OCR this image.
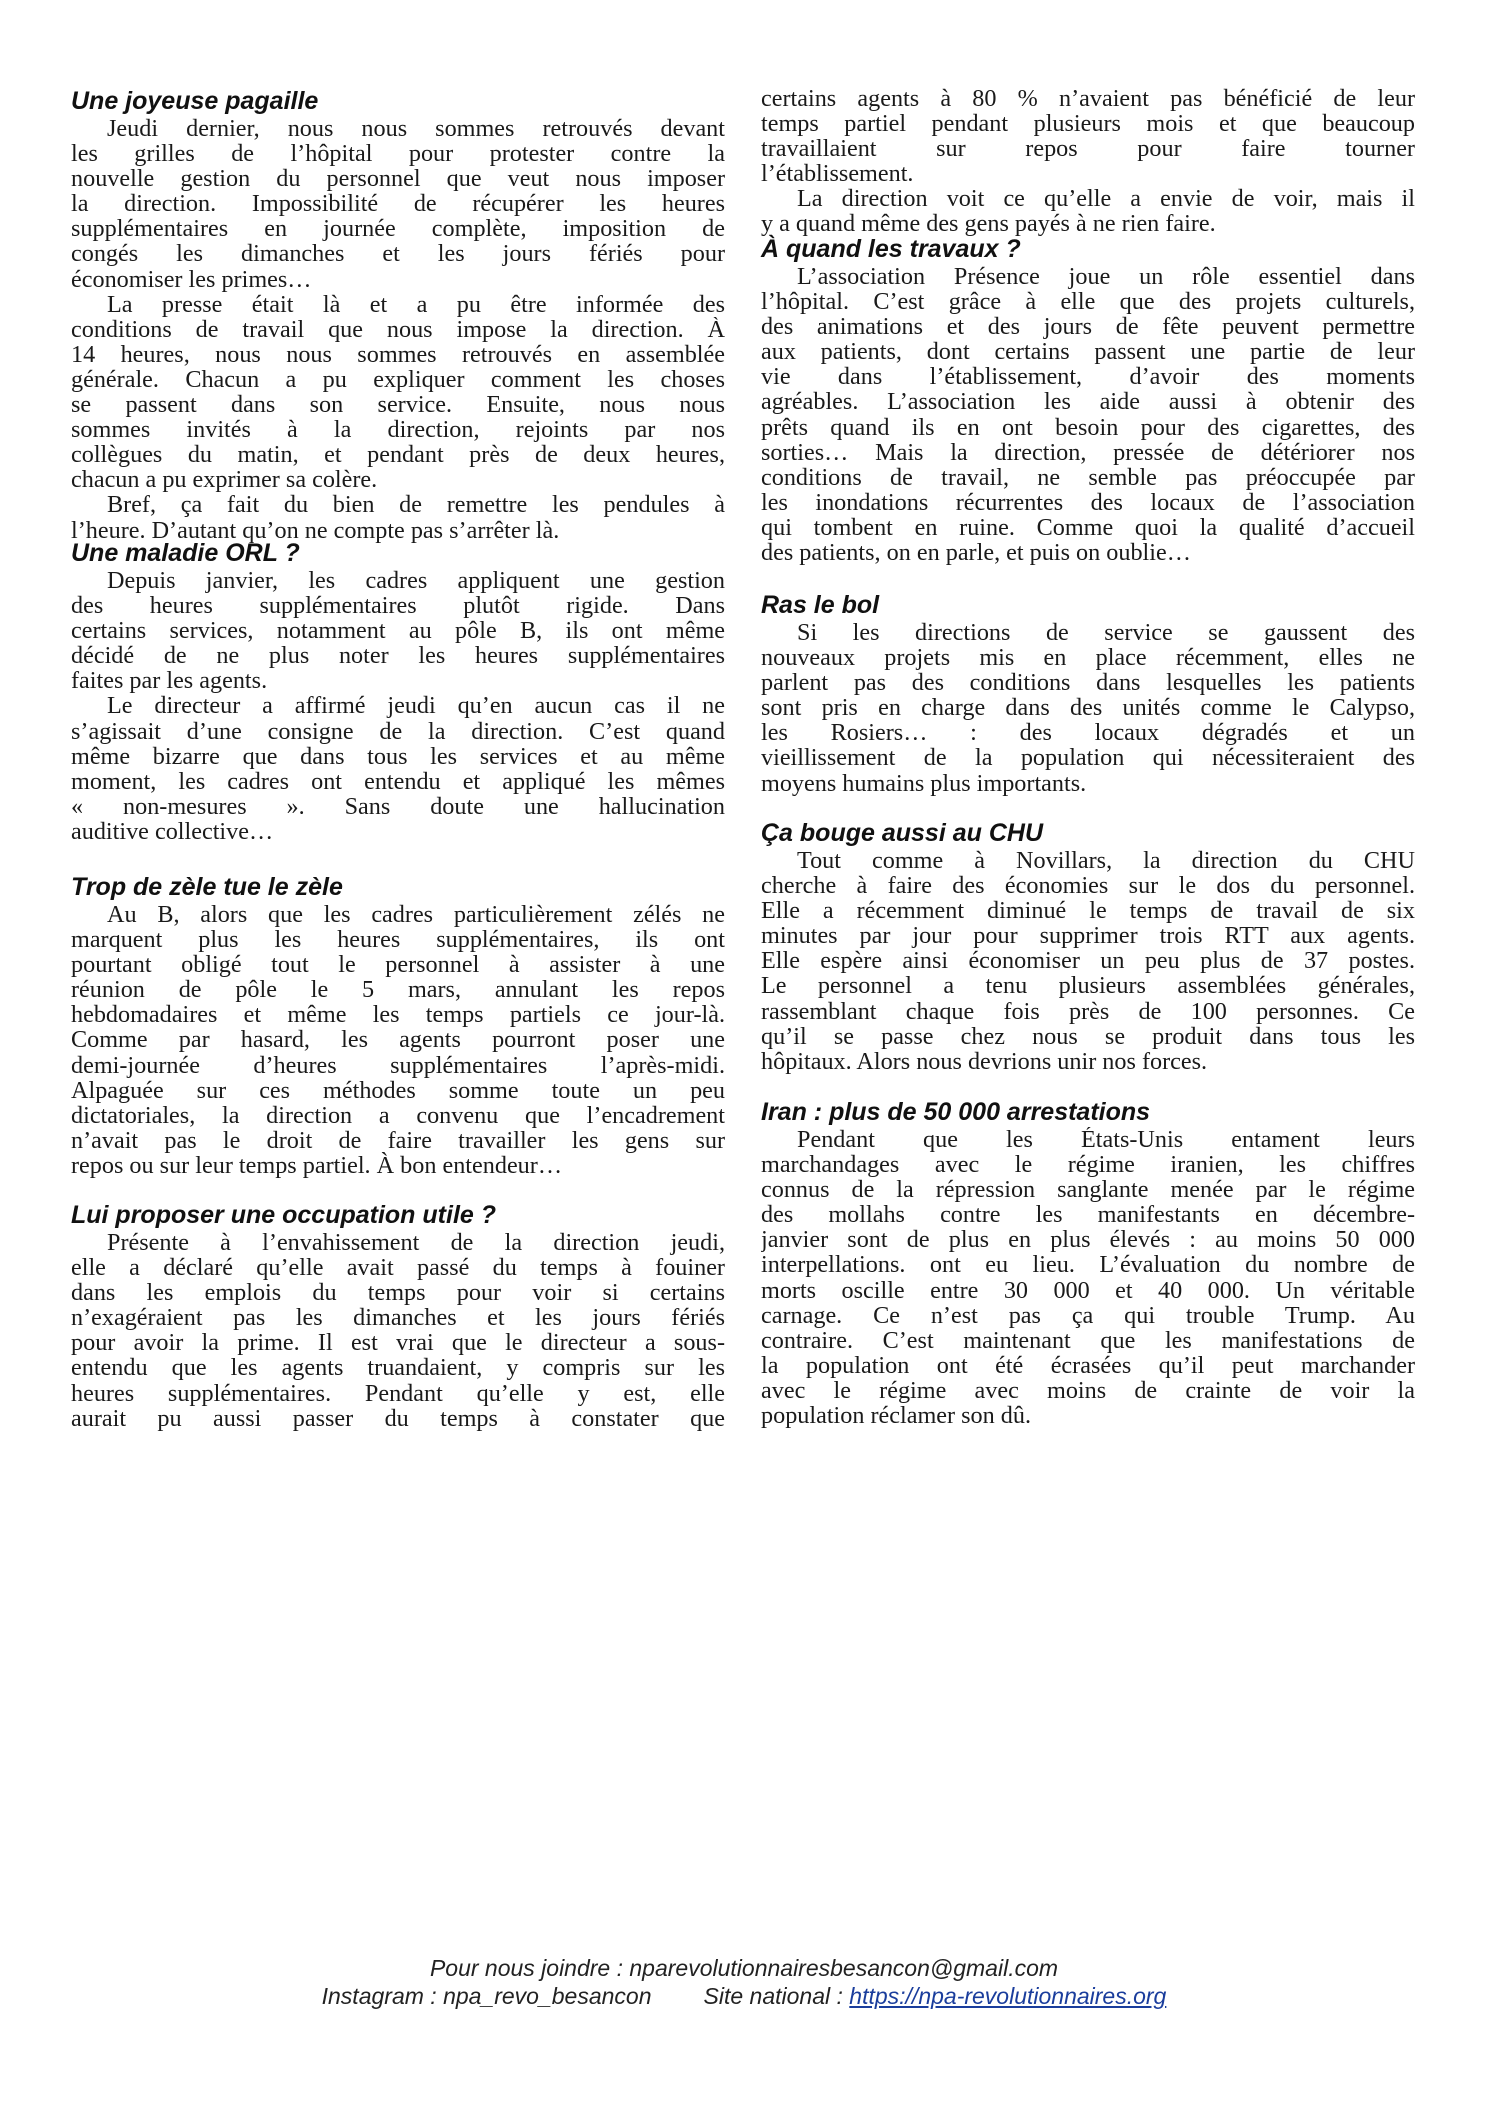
Une joyeuse pagaille
Jeudi dernier, nous nous sommes retrouvés devant
les grilles de l’hôpital pour protester contre la
nouvelle gestion du personnel que veut nous imposer
la direction. Impossibilité de récupérer les heures
supplémentaires en journée complète, imposition de
congés les dimanches et les jours fériés pour
économiser les primes…
La presse était là et a pu être informée des
conditions de travail que nous impose la direction. À
14 heures, nous nous sommes retrouvés en assemblée
générale. Chacun a pu expliquer comment les choses
se passent dans son service. Ensuite, nous nous
sommes invités à la direction, rejoints par nos
collègues du matin, et pendant près de deux heures,
chacun a pu exprimer sa colère.
Bref, ça fait du bien de remettre les pendules à
l’heure. D’autant qu’on ne compte pas s’arrêter là.
Une maladie ORL ?
Depuis janvier, les cadres appliquent une gestion
des heures supplémentaires plutôt rigide. Dans
certains services, notamment au pôle B, ils ont même
décidé de ne plus noter les heures supplémentaires
faites par les agents.
Le directeur a affirmé jeudi qu’en aucun cas il ne
s’agissait d’une consigne de la direction. C’est quand
même bizarre que dans tous les services et au même
moment, les cadres ont entendu et appliqué les mêmes
« non-mesures ». Sans doute une hallucination
auditive collective…
Trop de zèle tue le zèle
Au B, alors que les cadres particulièrement zélés ne
marquent plus les heures supplémentaires, ils ont
pourtant obligé tout le personnel à assister à une
réunion de pôle le 5 mars, annulant les repos
hebdomadaires et même les temps partiels ce jour-là.
Comme par hasard, les agents pourront poser une
demi-journée d’heures supplémentaires l’après-midi.
Alpaguée sur ces méthodes somme toute un peu
dictatoriales, la direction a convenu que l’encadrement
n’avait pas le droit de faire travailler les gens sur
repos ou sur leur temps partiel. À bon entendeur…
Lui proposer une occupation utile ?
Présente à l’envahissement de la direction jeudi,
elle a déclaré qu’elle avait passé du temps à fouiner
dans les emplois du temps pour voir si certains
n’exagéraient pas les dimanches et les jours fériés
pour avoir la prime. Il est vrai que le directeur a sous-
entendu que les agents truandaient, y compris sur les
heures supplémentaires. Pendant qu’elle y est, elle
aurait pu aussi passer du temps à constater que
certains agents à 80 % n’avaient pas bénéficié de leur
temps partiel pendant plusieurs mois et que beaucoup
travaillaient sur repos pour faire tourner
l’établissement.
La direction voit ce qu’elle a envie de voir, mais il
y a quand même des gens payés à ne rien faire.
À quand les travaux ?
L’association Présence joue un rôle essentiel dans
l’hôpital. C’est grâce à elle que des projets culturels,
des animations et des jours de fête peuvent permettre
aux patients, dont certains passent une partie de leur
vie dans l’établissement, d’avoir des moments
agréables. L’association les aide aussi à obtenir des
prêts quand ils en ont besoin pour des cigarettes, des
sorties… Mais la direction, pressée de détériorer nos
conditions de travail, ne semble pas préoccupée par
les inondations récurrentes des locaux de l’association
qui tombent en ruine. Comme quoi la qualité d’accueil
des patients, on en parle, et puis on oublie…
Ras le bol
Si les directions de service se gaussent des
nouveaux projets mis en place récemment, elles ne
parlent pas des conditions dans lesquelles les patients
sont pris en charge dans des unités comme le Calypso,
les Rosiers… : des locaux dégradés et un
vieillissement de la population qui nécessiteraient des
moyens humains plus importants.
Ça bouge aussi au CHU
Tout comme à Novillars, la direction du CHU
cherche à faire des économies sur le dos du personnel.
Elle a récemment diminué le temps de travail de six
minutes par jour pour supprimer trois RTT aux agents.
Elle espère ainsi économiser un peu plus de 37 postes.
Le personnel a tenu plusieurs assemblées générales,
rassemblant chaque fois près de 100 personnes. Ce
qu’il se passe chez nous se produit dans tous les
hôpitaux. Alors nous devrions unir nos forces.
Iran : plus de 50 000 arrestations
Pendant que les États-Unis entament leurs
marchandages avec le régime iranien, les chiffres
connus de la répression sanglante menée par le régime
des mollahs contre les manifestants en décembre-
janvier sont de plus en plus élevés : au moins 50 000
interpellations. ont eu lieu. L’évaluation du nombre de
morts oscille entre 30 000 et 40 000. Un véritable
carnage. Ce n’est pas ça qui trouble Trump. Au
contraire. C’est maintenant que les manifestations de
la population ont été écrasées qu’il peut marchander
avec le régime avec moins de crainte de voir la
population réclamer son dû.
Pour nous joindre : nparevolutionnairesbesancon@gmail.com
Instagram : npa_revo_besancon Site national : https://npa-revolutionnaires.org
